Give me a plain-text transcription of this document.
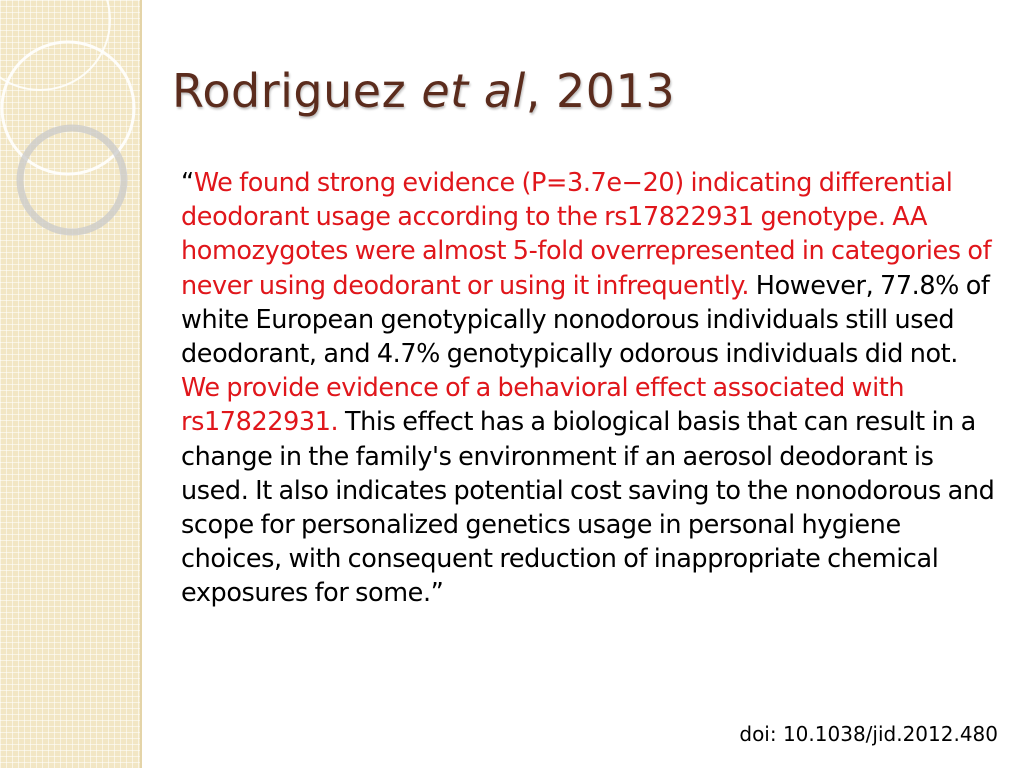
Rodriguez et al, 2013

“We found strong evidence (P=3.7e−20) indicating differential deodorant usage according to the rs17822931 genotype. AA homozygotes were almost 5-fold overrepresented in categories of never using deodorant or using it infrequently. However, 77.8% of white European genotypically nonodorous individuals still used deodorant, and 4.7% genotypically odorous individuals did not. We provide evidence of a behavioral effect associated with rs17822931. This effect has a biological basis that can result in a change in the family's environment if an aerosol deodorant is used. It also indicates potential cost saving to the nonodorous and scope for personalized genetics usage in personal hygiene choices, with consequent reduction of inappropriate chemical exposures for some.”

doi: 10.1038/jid.2012.480
